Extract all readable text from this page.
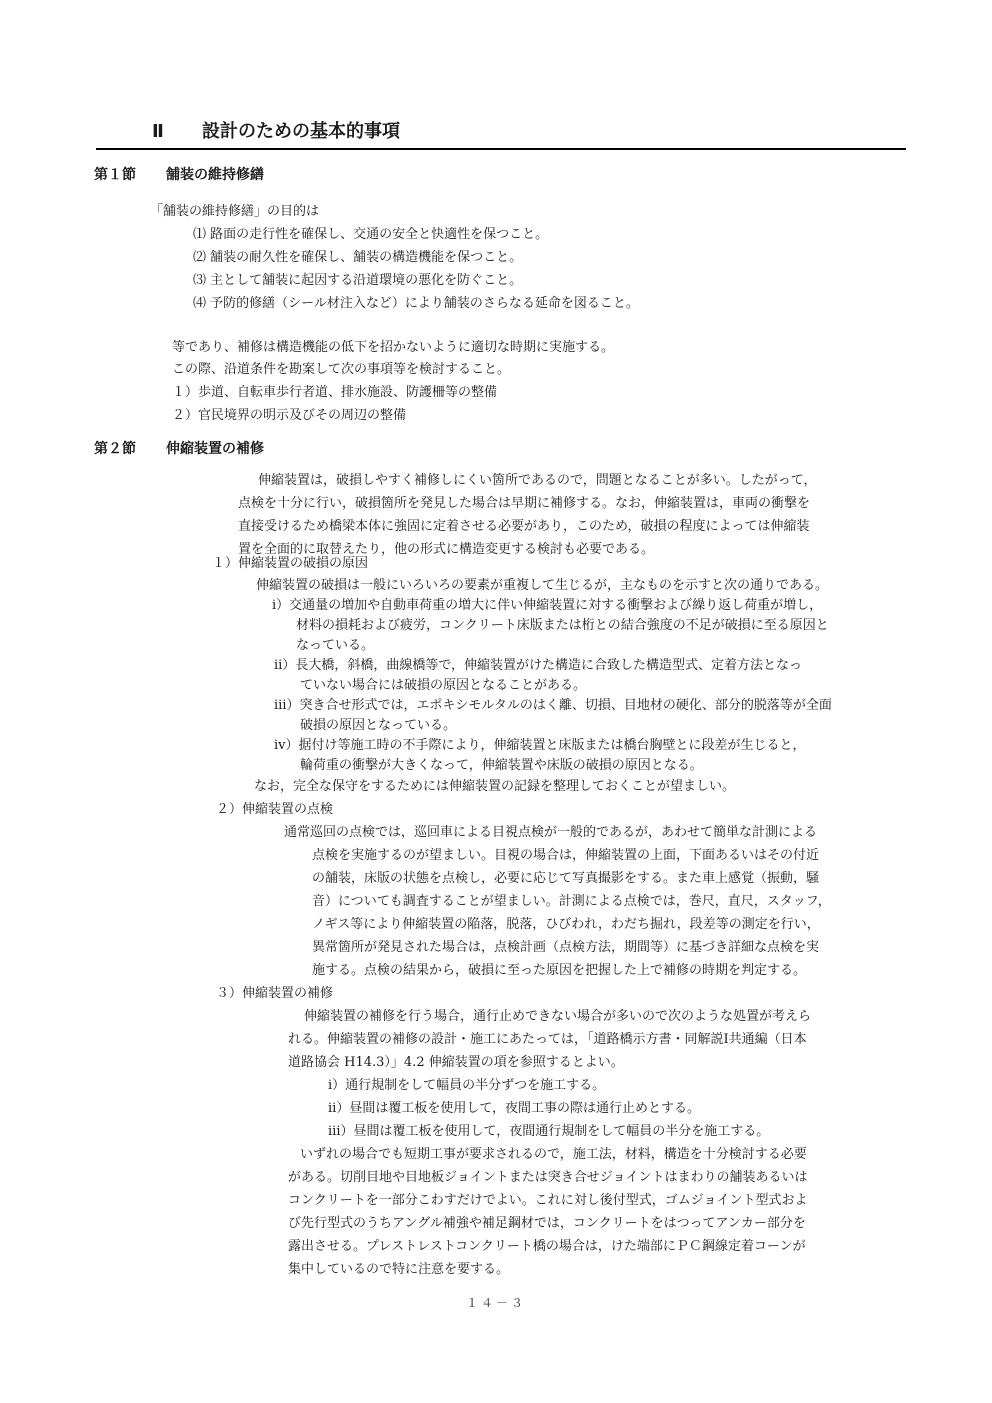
Ⅱ 設計のための基本的事項
第１節 舗装の維持修繕
「舗装の維持修繕」の目的は
⑴ 路面の走行性を確保し、交通の安全と快適性を保つこと。
⑵ 舗装の耐久性を確保し、舗装の構造機能を保つこと。
⑶ 主として舗装に起因する沿道環境の悪化を防ぐこと。
⑷ 予防的修繕（シール材注入など）により舗装のさらなる延命を図ること。
等であり、補修は構造機能の低下を招かないように適切な時期に実施する。
この際、沿道条件を勘案して次の事項等を検討すること。
１）歩道、自転車歩行者道、排水施設、防護柵等の整備
２）官民境界の明示及びその周辺の整備
第２節 伸縮装置の補修
伸縮装置は，破損しやすく補修しにくい箇所であるので，問題となることが多い。したがって，
点検を十分に行い，破損箇所を発見した場合は早期に補修する。なお，伸縮装置は，車両の衝撃を
直接受けるため橋梁本体に強固に定着させる必要があり，このため，破損の程度によっては伸縮装
置を全面的に取替えたり，他の形式に構造変更する検討も必要である。
１）伸縮装置の破損の原因
伸縮装置の破損は一般にいろいろの要素が重複して生じるが，主なものを示すと次の通りである。
ⅰ）交通量の増加や自動車荷重の増大に伴い伸縮装置に対する衝撃および繰り返し荷重が増し，
材料の損耗および疲労，コンクリート床版または桁との結合強度の不足が破損に至る原因と
なっている。
ⅱ）長大橋，斜橋，曲線橋等で，伸縮装置がけた構造に合致した構造型式、定着方法となっ
ていない場合には破損の原因となることがある。
ⅲ）突き合せ形式では，エポキシモルタルのはく離、切損、目地材の硬化、部分的脱落等が全面
破損の原因となっている。
ⅳ）据付け等施工時の不手際により，伸縮装置と床版または橋台胸壁とに段差が生じると，
輪荷重の衝撃が大きくなって，伸縮装置や床版の破損の原因となる。
なお，完全な保守をするためには伸縮装置の記録を整理しておくことが望ましい。
２）伸縮装置の点検
通常巡回の点検では，巡回車による目視点検が一般的であるが，あわせて簡単な計測による
点検を実施するのが望ましい。目視の場合は，伸縮装置の上面，下面あるいはその付近
の舗装，床版の状態を点検し，必要に応じて写真撮影をする。また車上感覚（振動，騒
音）についても調査することが望ましい。計測による点検では，巻尺，直尺，スタッフ，
ノギス等により伸縮装置の陥落，脱落，ひびわれ，わだち掘れ，段差等の測定を行い，
異常箇所が発見された場合は，点検計画（点検方法，期間等）に基づき詳細な点検を実
施する。点検の結果から，破損に至った原因を把握した上で補修の時期を判定する。
３）伸縮装置の補修
伸縮装置の補修を行う場合，通行止めできない場合が多いので次のような処置が考えら
れる。伸縮装置の補修の設計・施工にあたっては，「道路橋示方書・同解説Ⅰ共通編（日本
道路協会 H14.3）」4.2 伸縮装置の項を参照するとよい。
ⅰ）通行規制をして幅員の半分ずつを施工する。
ⅱ）昼間は覆工板を使用して，夜間工事の際は通行止めとする。
ⅲ）昼間は覆工板を使用して，夜間通行規制をして幅員の半分を施工する。
いずれの場合でも短期工事が要求されるので，施工法，材料，構造を十分検討する必要
がある。切削目地や目地板ジョイントまたは突き合せジョイントはまわりの舗装あるいは
コンクリートを一部分こわすだけでよい。これに対し後付型式，ゴムジョイント型式およ
び先行型式のうちアングル補強や補足鋼材では，コンクリートをはつってアンカー部分を
露出させる。プレストレストコンクリート橋の場合は，けた端部にＰＣ鋼線定着コーンが
集中しているので特に注意を要する。
１４－３
